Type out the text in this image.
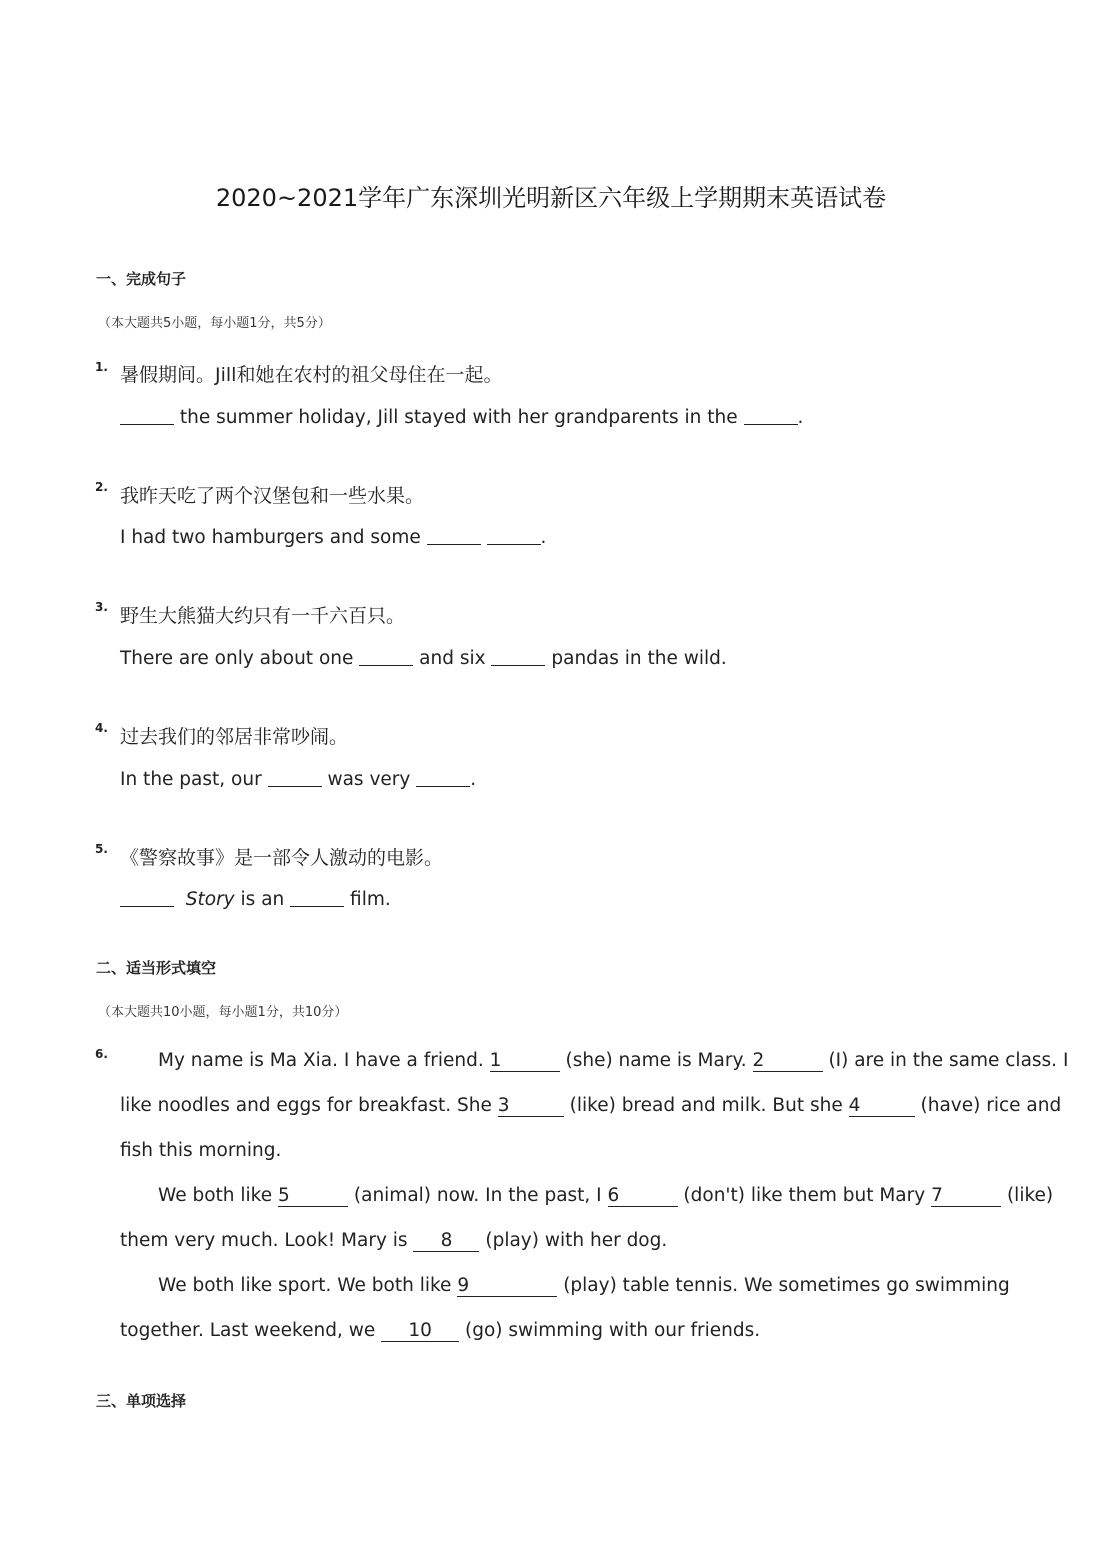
2020~2021学年广东深圳光明新区六年级上学期期末英语试卷
一、完成句子
（本大题共5小题，每小题1分，共5分）
1. 暑假期间。Jill和她在农村的祖父母住在一起。
the summer holiday, Jill stayed with her grandparents in the	.
2. 我昨天吃了两个汉堡包和一些水果。
I had two hamburgers and some	.
3. 野生大熊猫大约只有一千六百只。
There are only about one	and six	pandas in the wild.
4. 过去我们的邻居非常吵闹。
In the past, our	was very	.
5. 《警察故事》是一部令人激动的电影。
Story is an	film.
二、适当形式填空
（本大题共10小题，每小题1分，共10分）
6.	My name is Ma Xia. I have a friend. 1	(she) name is Mary. 2	(I) are in the same class. I
like noodles and eggs for breakfast. She 3	(like) bread and milk. But she 4	(have) rice and
fish this morning.
We both like 5	(animal) now. In the past, I 6	(don't) like them but Mary 7	(like)
them very much. Look! Mary is 8 (play) with her dog.
We both like sport. We both like 9	(play) table tennis. We sometimes go swimming
together. Last weekend, we 10 (go) swimming with our friends.
三、单项选择
